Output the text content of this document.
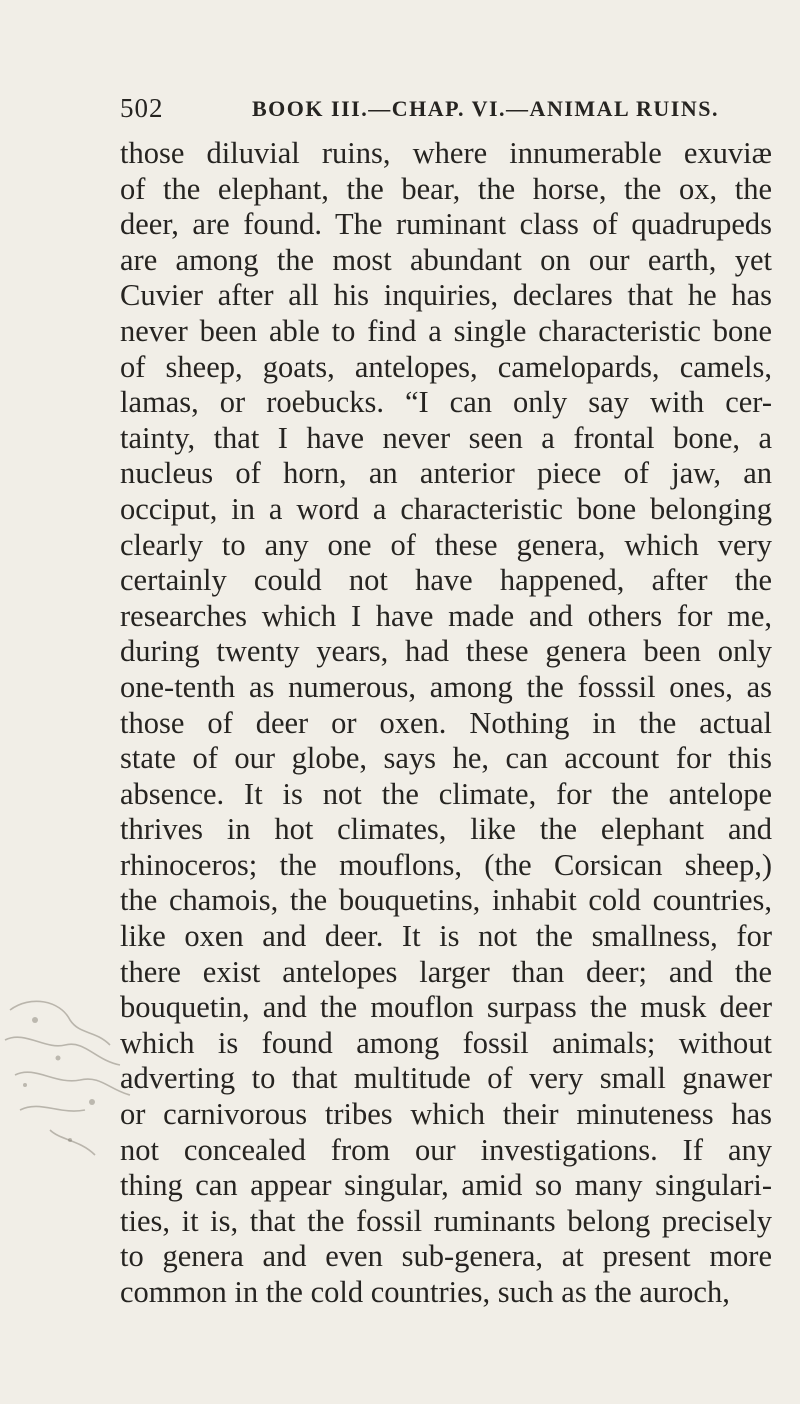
502	BOOK III.—CHAP. VI.—ANIMAL RUINS.
those diluvial ruins, where innumerable exuviæ
of the elephant, the bear, the horse, the ox, the
deer, are found. The ruminant class of quadrupeds
are among the most abundant on our earth, yet
Cuvier after all his inquiries, declares that he has
never been able to find a single characteristic bone
of sheep, goats, antelopes, camelopards, camels,
lamas, or roebucks. “I can only say with cer-
tainty, that I have never seen a frontal bone, a
nucleus of horn, an anterior piece of jaw, an
occiput, in a word a characteristic bone belonging
clearly to any one of these genera, which very
certainly could not have happened, after the
researches which I have made and others for me,
during twenty years, had these genera been only
one-tenth as numerous, among the fosssil ones, as
those of deer or oxen. Nothing in the actual
state of our globe, says he, can account for this
absence. It is not the climate, for the antelope
thrives in hot climates, like the elephant and
rhinoceros; the mouflons, (the Corsican sheep,)
the chamois, the bouquetins, inhabit cold countries,
like oxen and deer. It is not the smallness, for
there exist antelopes larger than deer; and the
bouquetin, and the mouflon surpass the musk deer
which is found among fossil animals; without
adverting to that multitude of very small gnawer
or carnivorous tribes which their minuteness has
not concealed from our investigations. If any
thing can appear singular, amid so many singulari-
ties, it is, that the fossil ruminants belong precisely
to genera and even sub-genera, at present more
common in the cold countries, such as the auroch,
